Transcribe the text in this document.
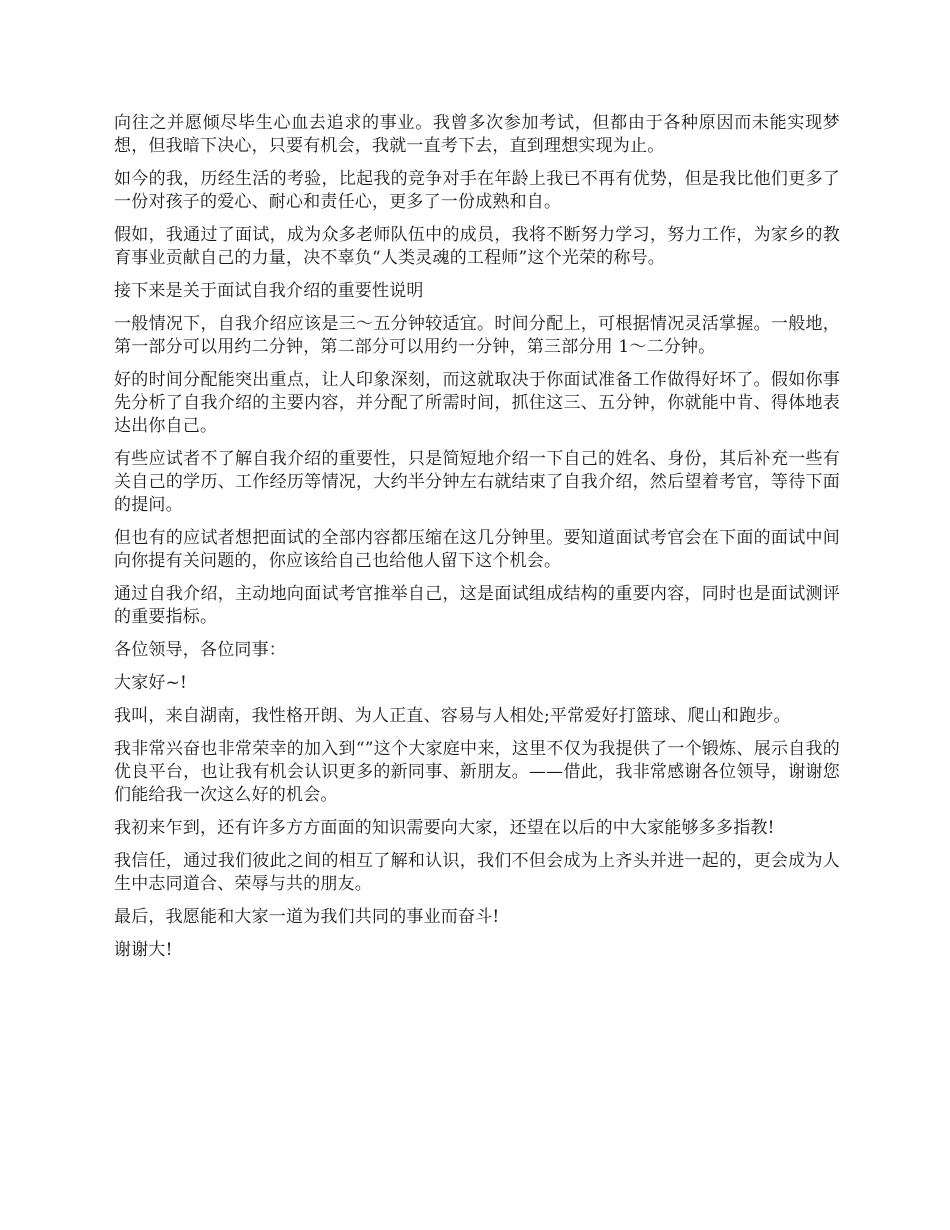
向往之并愿倾尽毕生心血去追求的事业。我曾多次参加考试，但都由于各种原因而未能实现梦想，但我暗下决心，只要有机会，我就一直考下去，直到理想实现为止。

如今的我，历经生活的考验，比起我的竞争对手在年龄上我已不再有优势，但是我比他们更多了一份对孩子的爱心、耐心和责任心，更多了一份成熟和自。

假如，我通过了面试，成为众多老师队伍中的成员，我将不断努力学习，努力工作，为家乡的教育事业贡献自己的力量，决不辜负“人类灵魂的工程师”这个光荣的称号。

接下来是关于面试自我介绍的重要性说明

一般情况下，自我介绍应该是三～五分钟较适宜。时间分配上，可根据情况灵活掌握。一般地，第一部分可以用约二分钟，第二部分可以用约一分钟，第三部分用 1～二分钟。

好的时间分配能突出重点，让人印象深刻，而这就取决于你面试准备工作做得好坏了。假如你事先分析了自我介绍的主要内容，并分配了所需时间，抓住这三、五分钟，你就能中肯、得体地表达出你自己。

有些应试者不了解自我介绍的重要性，只是简短地介绍一下自己的姓名、身份，其后补充一些有关自己的学历、工作经历等情况，大约半分钟左右就结束了自我介绍，然后望着考官，等待下面的提问。

但也有的应试者想把面试的全部内容都压缩在这几分钟里。要知道面试考官会在下面的面试中间向你提有关问题的，你应该给自己也给他人留下这个机会。

通过自我介绍，主动地向面试考官推举自己，这是面试组成结构的重要内容，同时也是面试测评的重要指标。

各位领导，各位同事：

大家好~!

我叫，来自湖南，我性格开朗、为人正直、容易与人相处;平常爱好打篮球、爬山和跑步。

我非常兴奋也非常荣幸的加入到“”这个大家庭中来，这里不仅为我提供了一个锻炼、展示自我的优良平台，也让我有机会认识更多的新同事、新朋友。——借此，我非常感谢各位领导，谢谢您们能给我一次这么好的机会。

我初来乍到，还有许多方方面面的知识需要向大家，还望在以后的中大家能够多多指教!

我信任，通过我们彼此之间的相互了解和认识，我们不但会成为上齐头并进一起的，更会成为人生中志同道合、荣辱与共的朋友。

最后，我愿能和大家一道为我们共同的事业而奋斗!

谢谢大!
